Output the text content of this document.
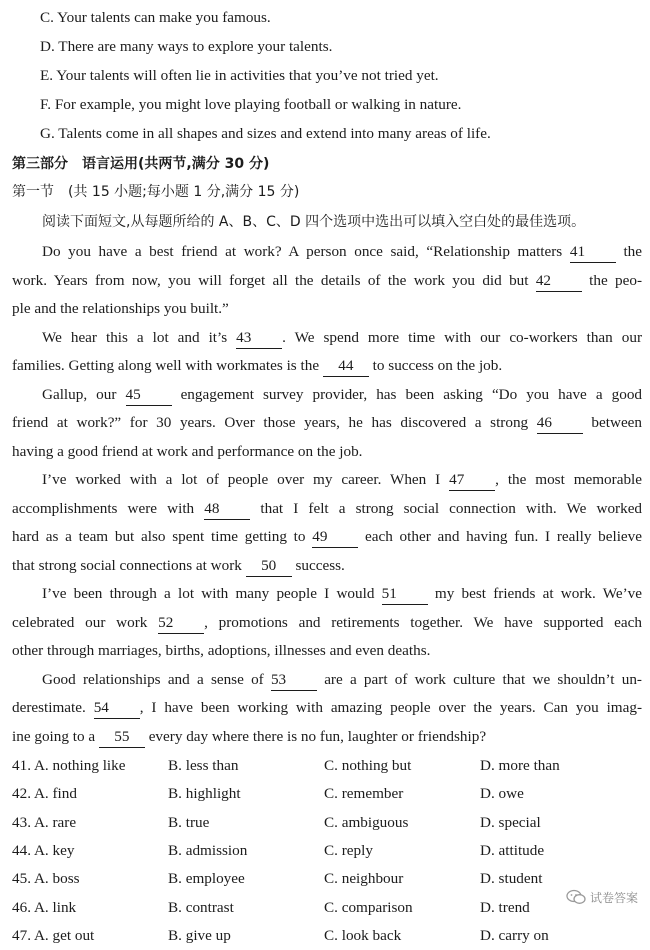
C. Your talents can make you famous.
D. There are many ways to explore your talents.
E. Your talents will often lie in activities that you’ve not tried yet.
F. For example, you might love playing football or walking in nature.
G. Talents come in all shapes and sizes and extend into many areas of life.
第三部分　语言运用(共两节,满分 30 分)
第一节　(共 15 小题;每小题 1 分,满分 15 分)
阅读下面短文,从每题所给的 A、B、C、D 四个选项中选出可以填入空白处的最佳选项。
Do you have a best friend at work? A person once said, “Relationship matters 41	the
work. Years from now, you will forget all the details of the work you did but 42	the peo-
ple and the relationships you built.”
We hear this a lot and it’s 43 . We spend more time with our co-workers than our
families. Getting along well with workmates is the 44 to success on the job.
Gallup, our 45	engagement survey provider, has been asking “Do you have a good
friend at work?” for 30 years. Over those years, he has discovered a strong 46	between
having a good friend at work and performance on the job.
I’ve worked with a lot of people over my career. When I 47 , the most memorable
accomplishments were with 48	that I felt a strong social connection with. We worked
hard as a team but also spent time getting to 49 each other and having fun. I really believe
that strong social connections at work 50 success.
I’ve been through a lot with many people I would 51	my best friends at work. We’ve
celebrated our work 52 , promotions and retirements together. We have supported each
other through marriages, births, adoptions, illnesses and even deaths.
Good relationships and a sense of 53	are a part of work culture that we shouldn’t un-
derestimate. 54 , I have been working with amazing people over the years. Can you imag-
ine going to a 55 every day where there is no fun, laughter or friendship?
41. A. nothing like	B. less than	C. nothing but	D. more than
42. A. find	B. highlight	C. remember	D. owe
43. A. rare	B. true	C. ambiguous	D. special
44. A. key	B. admission	C. reply	D. attitude
45. A. boss	B. employee	C. neighbour	D. student
46. A. link	B. contrast	C. comparison	D. trend
47. A. get out	B. give up	C. look back	D. carry on
试卷答案
